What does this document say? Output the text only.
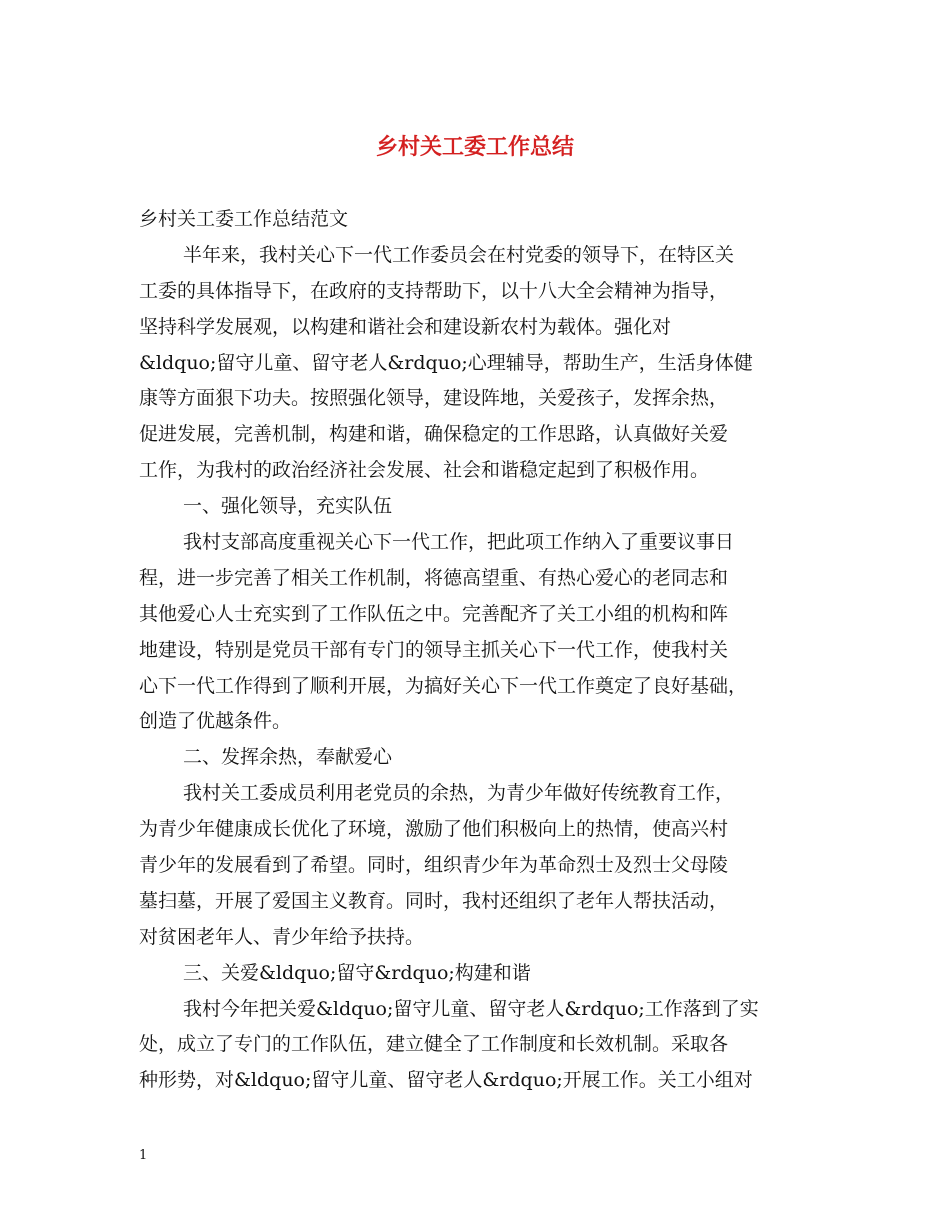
乡村关工委工作总结
乡村关工委工作总结范文
半年来，我村关心下一代工作委员会在村党委的领导下，在特区关
工委的具体指导下，在政府的支持帮助下，以十八大全会精神为指导，
坚持科学发展观，以构建和谐社会和建设新农村为载体。强化对
&ldquo;留守儿童、留守老人&rdquo;心理辅导，帮助生产，生活身体健
康等方面狠下功夫。按照强化领导，建设阵地，关爱孩子，发挥余热，
促进发展，完善机制，构建和谐，确保稳定的工作思路，认真做好关爱
工作，为我村的政治经济社会发展、社会和谐稳定起到了积极作用。
一、强化领导，充实队伍
我村支部高度重视关心下一代工作，把此项工作纳入了重要议事日
程，进一步完善了相关工作机制，将德高望重、有热心爱心的老同志和
其他爱心人士充实到了工作队伍之中。完善配齐了关工小组的机构和阵
地建设，特别是党员干部有专门的领导主抓关心下一代工作，使我村关
心下一代工作得到了顺利开展，为搞好关心下一代工作奠定了良好基础，
创造了优越条件。
二、发挥余热，奉献爱心
我村关工委成员利用老党员的余热，为青少年做好传统教育工作，
为青少年健康成长优化了环境，激励了他们积极向上的热情，使高兴村
青少年的发展看到了希望。同时，组织青少年为革命烈士及烈士父母陵
墓扫墓，开展了爱国主义教育。同时，我村还组织了老年人帮扶活动，
对贫困老年人、青少年给予扶持。
三、关爱&ldquo;留守&rdquo;构建和谐
我村今年把关爱&ldquo;留守儿童、留守老人&rdquo;工作落到了实
处，成立了专门的工作队伍，建立健全了工作制度和长效机制。采取各
种形势，对&ldquo;留守儿童、留守老人&rdquo;开展工作。关工小组对
1
